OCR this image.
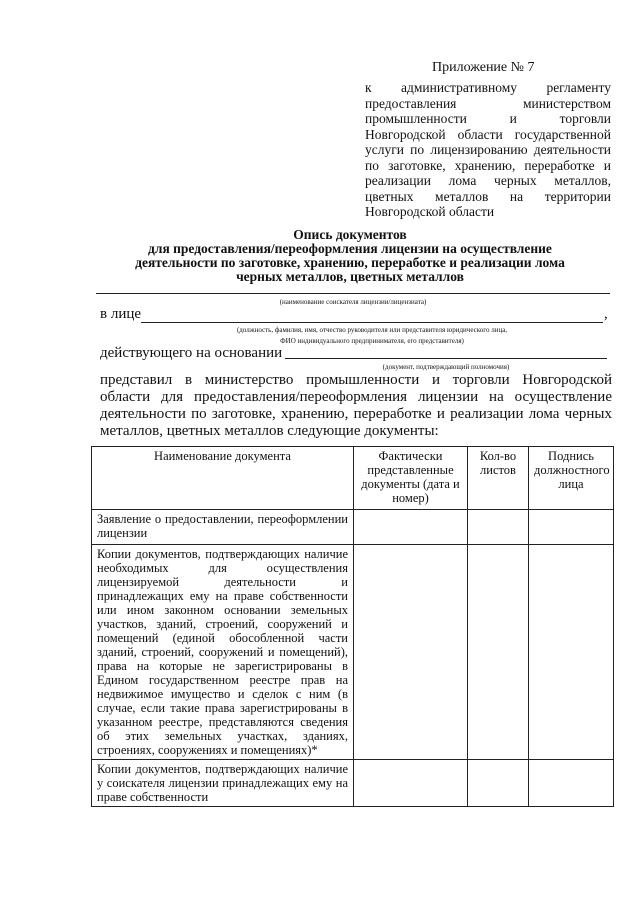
Приложение № 7
к административному регламенту предоставления министерством промышленности и торговли Новгородской области государственной услуги по лицензированию деятельности по заготовке, хранению, переработке и реализации лома черных металлов, цветных металлов на территории Новгородской области
Опись документов
для предоставления/переоформления лицензии на осуществление
деятельности по заготовке, хранению, переработке и реализации лома
черных металлов, цветных металлов
(наименование соискателя лицензии/лицензиата)
в лице	,
(должность, фамилия, имя, отчество руководителя или представителя юридического лица,
ФИО индивидуального предпринимателя, его представителя)
действующего на основании
(документ, подтверждающий полномочия)
представил в министерство промышленности и торговли Новгородской области для предоставления/переоформления лицензии на осуществление деятельности по заготовке, хранению, переработке и реализации лома черных металлов, цветных металлов следующие документы:
Наименование документа	Фактически представленные документы (дата и номер)	Кол-во листов	Поднись должностного лица
Заявление о предоставлении, переоформлении лицензии			
Копии документов, подтверждающих наличие необходимых для осуществления лицензируемой деятельности и принадлежащих ему на праве собственности или ином законном основании земельных участков, зданий, строений, сооружений и помещений (единой обособленной части зданий, строений, сооружений и помещений), права на которые не зарегистрированы в Едином государственном реестре прав на недвижимое имущество и сделок с ним (в случае, если такие права зарегистрированы в указанном реестре, представляются сведения об этих земельных участках, зданиях, строениях, сооружениях и помещениях)*			
Копии документов, подтверждающих наличие у соискателя лицензии принадлежащих ему на праве собственности			
